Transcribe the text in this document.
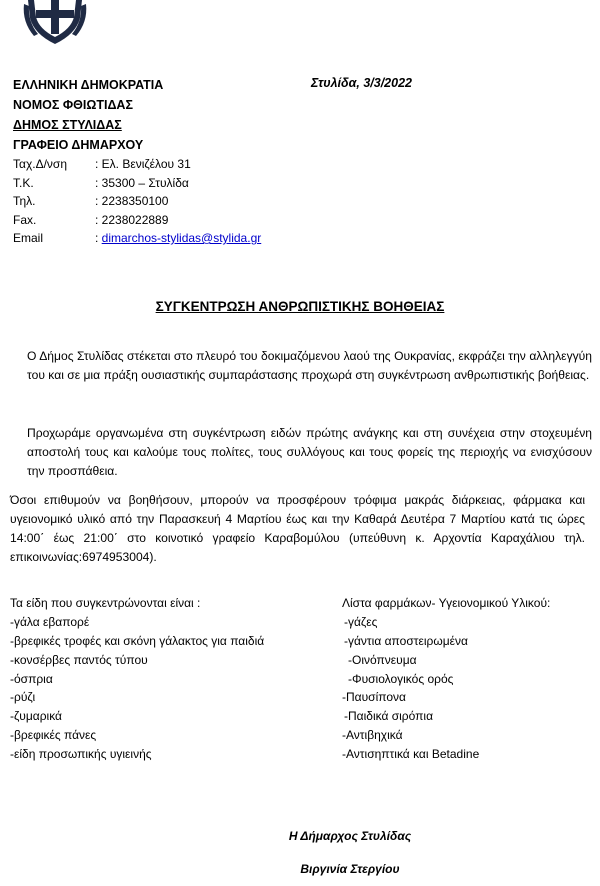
ΕΛΛΗΝΙΚΗ ΔΗΜΟΚΡΑΤΙΑ
ΝΟΜΟΣ ΦΘΙΩΤΙΔΑΣ
ΔΗΜΟΣ ΣΤΥΛΙΔΑΣ
ΓΡΑΦΕΙΟ ΔΗΜΑΡΧΟΥ
Στυλίδα, 3/3/2022
Ταχ.Δ/νση	: Ελ. Βενιζέλου 31
Τ.Κ.	: 35300 – Στυλίδα
Τηλ.	: 2238350100
Fax.	: 2238022889
Email	: dimarchos-stylidas@stylida.gr
ΣΥΓΚΕΝΤΡΩΣΗ ΑΝΘΡΩΠΙΣΤΙΚΗΣ ΒΟΗΘΕΙΑΣ
Ο Δήμος Στυλίδας στέκεται στο πλευρό του δοκιμαζόμενου λαού της Ουκρανίας, εκφράζει την αλληλεγγύη του και σε μια πράξη ουσιαστικής συμπαράστασης προχωρά στη συγκέντρωση ανθρωπιστικής βοήθειας.
Προχωράμε οργανωμένα στη συγκέντρωση ειδών πρώτης ανάγκης και στη συνέχεια στην στοχευμένη αποστολή τους και καλούμε τους πολίτες, τους συλλόγους και τους φορείς της περιοχής να ενισχύσουν την προσπάθεια.
Όσοι επιθυμούν να βοηθήσουν, μπορούν να προσφέρουν τρόφιμα μακράς διάρκειας, φάρμακα και υγειονομικό υλικό από την Παρασκευή 4 Μαρτίου έως και την Καθαρά Δευτέρα 7 Μαρτίου κατά τις ώρες 14:00΄ έως 21:00΄ στο κοινοτικό γραφείο Καραβομύλου (υπεύθυνη κ. Αρχοντία Καραχάλιου τηλ. επικοινωνίας:6974953004).
Τα είδη που συγκεντρώνονται είναι :
-γάλα εβαπορέ
-βρεφικές τροφές και σκόνη γάλακτος για παιδιά
-κονσέρβες παντός τύπου
-όσπρια
-ρύζι
-ζυμαρικά
-βρεφικές πάνες
-είδη προσωπικής υγιεινής
Λίστα φαρμάκων- Υγειονομικού Υλικού:
-γάζες
-γάντια αποστειρωμένα
-Οινόπνευμα
-Φυσιολογικός ορός
-Παυσίπονα
-Παιδικά σιρόπια
-Αντιβηχικά
-Αντισηπτικά και Betadine
Η Δήμαρχος Στυλίδας
Βιργινία Στεργίου
